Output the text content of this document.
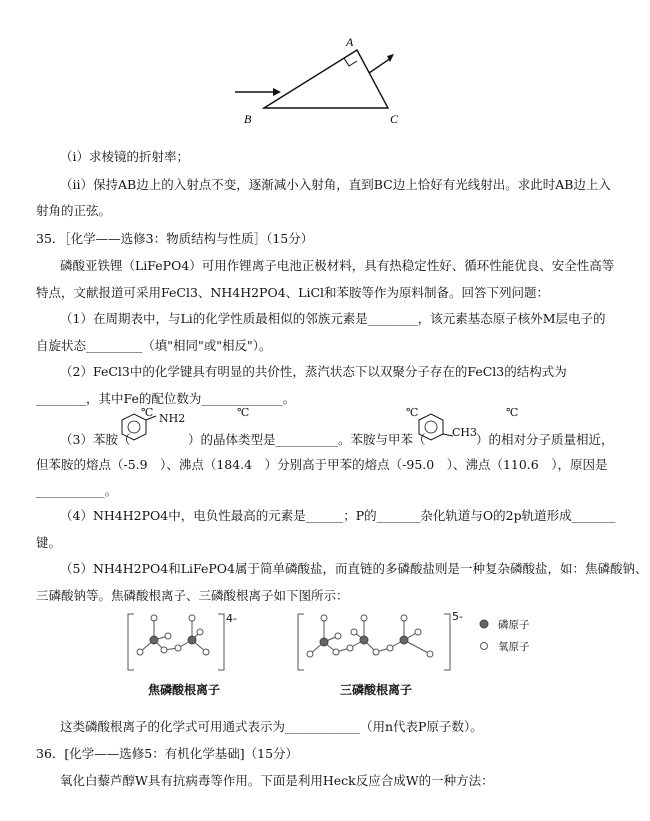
A
B	C
（i）求棱镜的折射率；
（ii）保持AB边上的入射点不变，逐渐减小入射角，直到BC边上恰好有光线射出。求此时AB边上入
射角的正弦。
35．［化学——选修3：物质结构与性质］（15分）
磷酸亚铁锂（LiFePO4）可用作锂离子电池正极材料，具有热稳定性好、循环性能优良、安全性高等
特点，文献报道可采用FeCl3、NH4H2PO4、LiCl和苯胺等作为原料制备。回答下列问题：
（1）在周期表中，与Li的化学性质最相似的邻族元素是________，该元素基态原子核外M层电子的
自旋状态_________（填"相同"或"相反"）。
（2）FeCl3中的化学键具有明显的共价性，蒸汽状态下以双聚分子存在的FeCl3的结构式为
________，其中Fe的配位数为_____________。
℃	℃	℃	℃
NH2
（3）苯胺（	）的晶体类型是__________。苯胺与甲苯（ CH3
）的相对分子质量相近，
但苯胺的熔点（-5.9　）、沸点（184.4　）分别高于甲苯的熔点（-95.0　）、沸点（110.6　），原因是
___________。
（4）NH4H2PO4中，电负性最高的元素是______；P的_______杂化轨道与O的2p轨道形成_______
键。
（5）NH4H2PO4和LiFePO4属于简单磷酸盐，而直链的多磷酸盐则是一种复杂磷酸盐，如：焦磷酸钠、
三磷酸钠等。焦磷酸根离子、三磷酸根离子如下图所示：
4-	5-
磷原子
氧原子
焦磷酸根离子	三磷酸根离子
这类磷酸根离子的化学式可用通式表示为____________（用n代表P原子数）。
36．[化学——选修5：有机化学基础]（15分）
氧化白藜芦醇W具有抗病毒等作用。下面是利用Heck反应合成W的一种方法：
